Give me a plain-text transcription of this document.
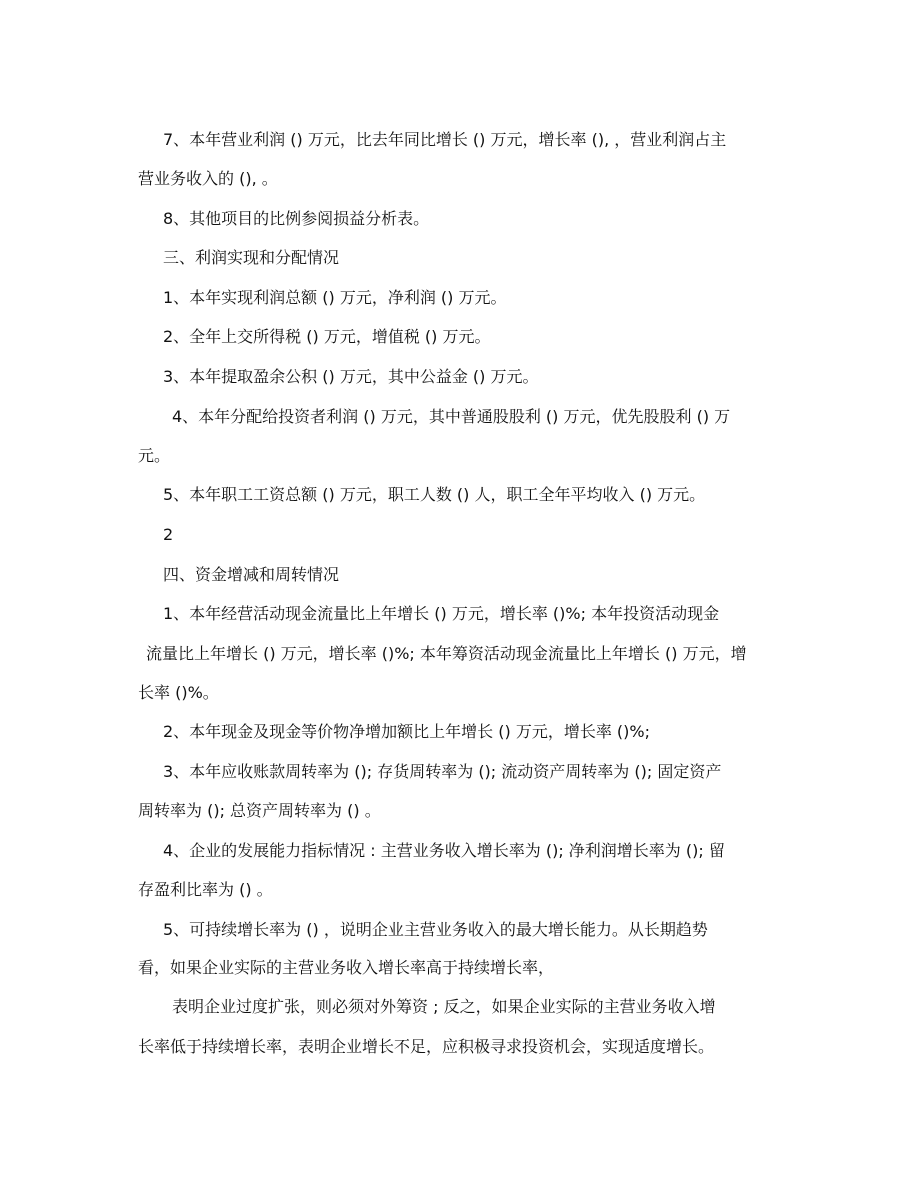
7、本年营业利润 () 万元，比去年同比增长 () 万元，增长率 (), ，营业利润占主
营业务收入的 (), 。
8、其他项目的比例参阅损益分析表。
三、利润实现和分配情况
1、本年实现利润总额 () 万元，净利润 () 万元。
2、全年上交所得税 () 万元，增值税 () 万元。
3、本年提取盈余公积 () 万元，其中公益金 () 万元。
4、本年分配给投资者利润 () 万元，其中普通股股利 () 万元，优先股股利 () 万
元。
5、本年职工工资总额 () 万元，职工人数 () 人，职工全年平均收入 () 万元。
2
四、资金增减和周转情况
1、本年经营活动现金流量比上年增长 () 万元，增长率 ()%; 本年投资活动现金
流量比上年增长 () 万元，增长率 ()%; 本年筹资活动现金流量比上年增长 () 万元，增
长率 ()%。
2、本年现金及现金等价物净增加额比上年增长 () 万元，增长率 ()%;
3、本年应收账款周转率为 (); 存货周转率为 (); 流动资产周转率为 (); 固定资产
周转率为 (); 总资产周转率为 () 。
4、企业的发展能力指标情况 : 主营业务收入增长率为 (); 净利润增长率为 (); 留
存盈利比率为 () 。
5、可持续增长率为 () ，说明企业主营业务收入的最大增长能力。从长期趋势
看，如果企业实际的主营业务收入增长率高于持续增长率，
表明企业过度扩张，则必须对外筹资 ; 反之，如果企业实际的主营业务收入增
长率低于持续增长率，表明企业增长不足，应积极寻求投资机会，实现适度增长。
